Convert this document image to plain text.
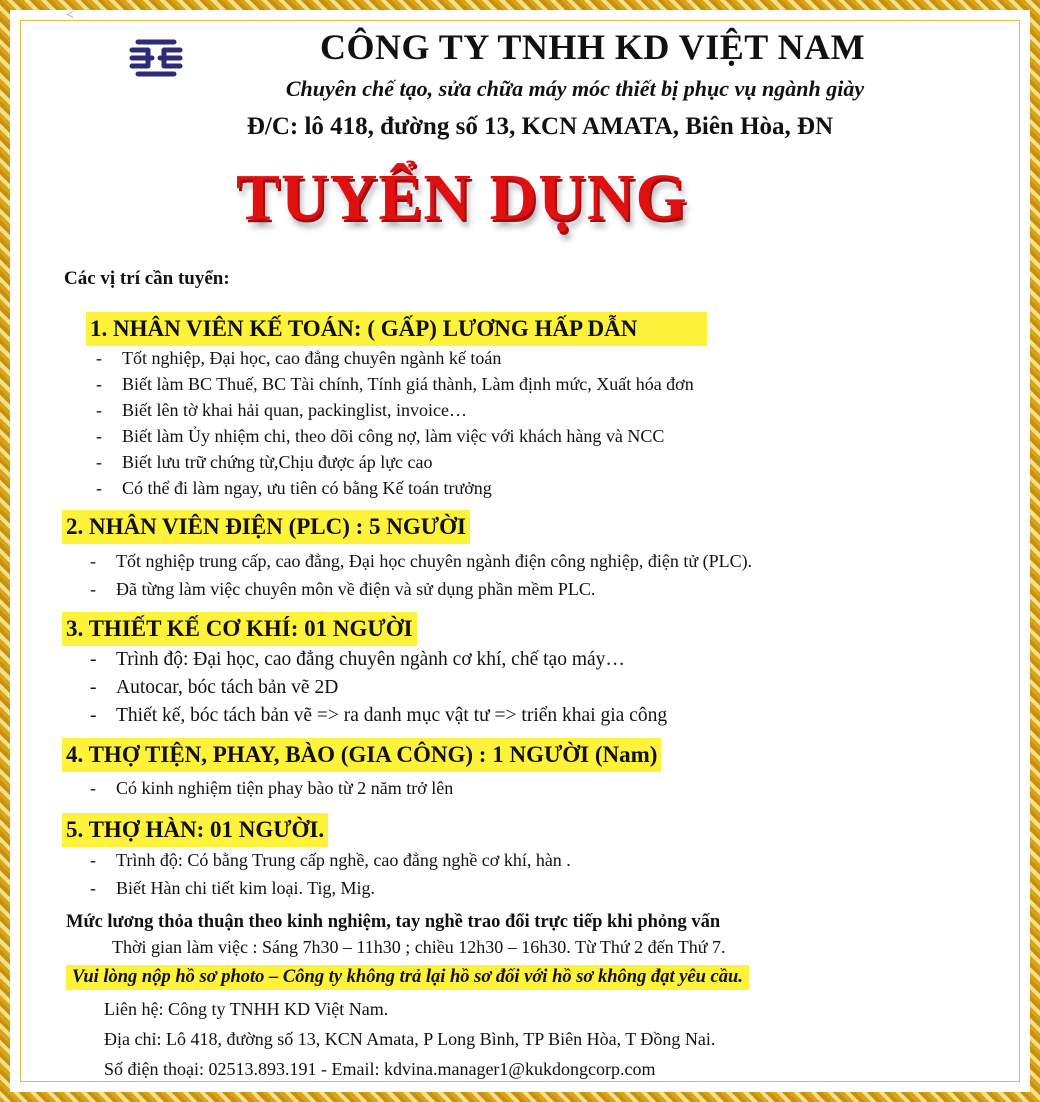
<
CÔNG TY TNHH KD VIỆT NAM
Chuyên chế tạo, sửa chữa máy móc thiết bị phục vụ ngành giày
Đ/C: lô 418, đường số 13, KCN AMATA, Biên Hòa, ĐN
TUYỂN DỤNG
Các vị trí cần tuyển:
1. NHÂN VIÊN KẾ TOÁN: ( GẤP) LƯƠNG HẤP DẪN
- Tốt nghiệp, Đại học, cao đẳng chuyên ngành kế toán
- Biết làm BC Thuế, BC Tài chính, Tính giá thành, Làm định mức, Xuất hóa đơn
- Biết lên tờ khai hải quan, packinglist, invoice…
- Biết làm Ủy nhiệm chi, theo dõi công nợ, làm việc với khách hàng và NCC
- Biết lưu trữ chứng từ,Chịu được áp lực cao
- Có thể đi làm ngay, ưu tiên có bằng Kế toán trưởng
2. NHÂN VIÊN ĐIỆN (PLC) : 5 NGƯỜI
- Tốt nghiệp trung cấp, cao đẳng, Đại học chuyên ngành điện công nghiệp, điện tử (PLC).
- Đã từng làm việc chuyên môn về điện và sử dụng phần mềm PLC.
3. THIẾT KẾ CƠ KHÍ: 01 NGƯỜI
- Trình độ: Đại học, cao đẳng chuyên ngành cơ khí, chế tạo máy…
- Autocar, bóc tách bản vẽ 2D
- Thiết kế, bóc tách bản vẽ => ra danh mục vật tư => triển khai gia công
4. THỢ TIỆN, PHAY, BÀO (GIA CÔNG) : 1 NGƯỜI (Nam)
- Có kinh nghiệm tiện phay bào từ 2 năm trở lên
5. THỢ HÀN: 01 NGƯỜI.
- Trình độ: Có bằng Trung cấp nghề, cao đẳng nghề cơ khí, hàn .
- Biết Hàn chi tiết kim loại. Tig, Mig.
Mức lương thỏa thuận theo kinh nghiệm, tay nghề trao đổi trực tiếp khi phỏng vấn
Thời gian làm việc : Sáng 7h30 – 11h30 ; chiều 12h30 – 16h30. Từ Thứ 2 đến Thứ 7.
Vui lòng nộp hồ sơ photo – Công ty không trả lại hồ sơ đối với hồ sơ không đạt yêu cầu.
Liên hệ: Công ty TNHH KD Việt Nam.
Địa chỉ: Lô 418, đường số 13, KCN Amata, P Long Bình, TP Biên Hòa, T Đồng Nai.
Số điện thoại: 02513.893.191 - Email: kdvina.manager1@kukdongcorp.com
